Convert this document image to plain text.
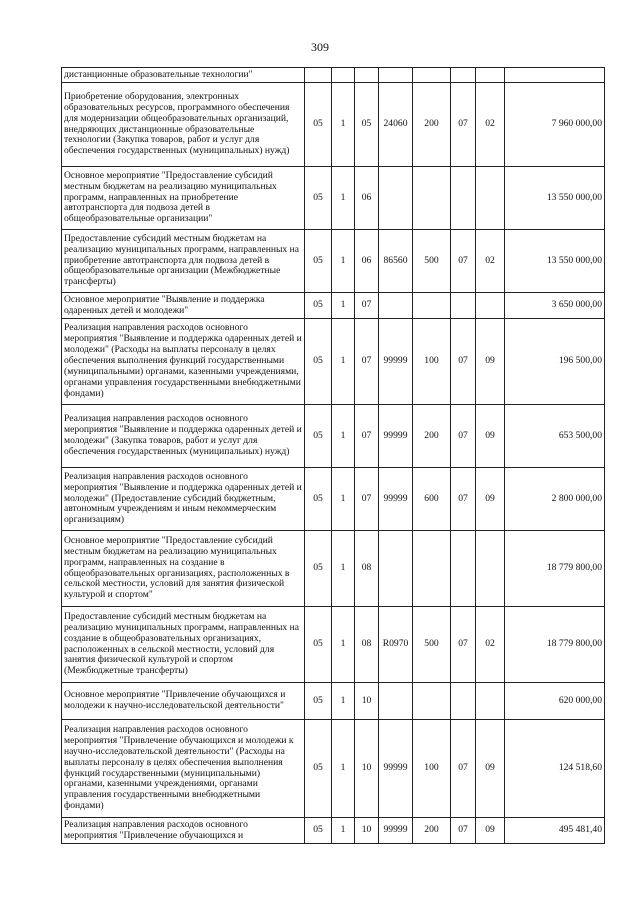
309
дистанционные образовательные технологии"								
Приобретение оборудования, электронных образовательных ресурсов, программного обеспечения для модернизации общеобразовательных организаций, внедряющих дистанционные образовательные технологии (Закупка товаров, работ и услуг для обеспечения государственных (муниципальных) нужд)	05	1	05	24060	200	07	02	7 960 000,00
Основное мероприятие "Предоставление субсидий местным бюджетам на реализацию муниципальных программ, направленных на приобретение автотранспорта для подвоза детей в общеобразовательные организации"	05	1	06					13 550 000,00
Предоставление субсидий местным бюджетам на реализацию муниципальных программ, направленных на приобретение автотранспорта для подвоза детей в общеобразовательные организации (Межбюджетные трансферты)	05	1	06	86560	500	07	02	13 550 000,00
Основное мероприятие "Выявление и поддержка одаренных детей и молодежи"	05	1	07					3 650 000,00
Реализация направления расходов основного мероприятия "Выявление и поддержка одаренных детей и молодежи" (Расходы на выплаты персоналу в целях обеспечения выполнения функций государственными (муниципальными) органами, казенными учреждениями, органами управления государственными внебюджетными фондами)	05	1	07	99999	100	07	09	196 500,00
Реализация направления расходов основного мероприятия "Выявление и поддержка одаренных детей и молодежи" (Закупка товаров, работ и услуг для обеспечения государственных (муниципальных) нужд)	05	1	07	99999	200	07	09	653 500,00
Реализация направления расходов основного мероприятия "Выявление и поддержка одаренных детей и молодежи" (Предоставление субсидий бюджетным, автономным учреждениям и иным некоммерческим организациям)	05	1	07	99999	600	07	09	2 800 000,00
Основное мероприятие "Предоставление субсидий местным бюджетам на реализацию муниципальных программ, направленных на создание в общеобразовательных организациях, расположенных в сельской местности, условий для занятия физической культурой и спортом"	05	1	08					18 779 800,00
Предоставление субсидий местным бюджетам на реализацию муниципальных программ, направленных на создание в общеобразовательных организациях, расположенных в сельской местности, условий для занятия физической культурой и спортом (Межбюджетные трансферты)	05	1	08	R0970	500	07	02	18 779 800,00
Основное мероприятие "Привлечение обучающихся и молодежи к научно-исследовательской деятельности"	05	1	10					620 000,00
Реализация направления расходов основного мероприятия "Привлечение обучающихся и молодежи к научно-исследовательской деятельности" (Расходы на выплаты персоналу в целях обеспечения выполнения функций государственными (муниципальными) органами, казенными учреждениями, органами управления государственными внебюджетными фондами)	05	1	10	99999	100	07	09	124 518,60
Реализация направления расходов основного мероприятия "Привлечение обучающихся и	05	1	10	99999	200	07	09	495 481,40
